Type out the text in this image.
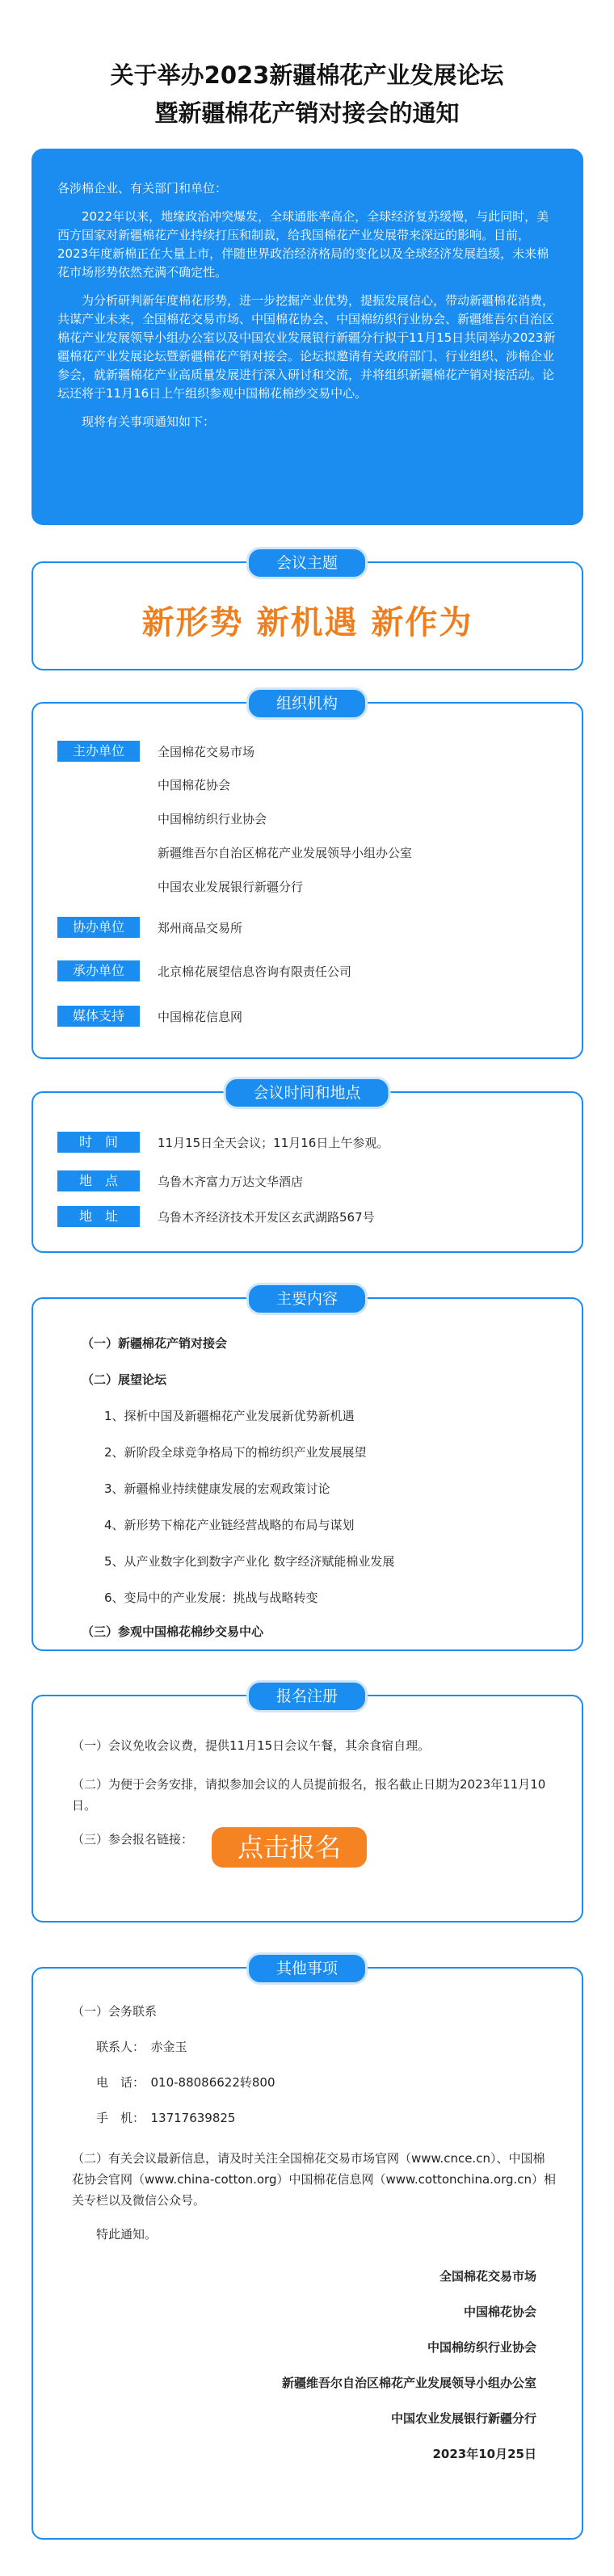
关于举办2023新疆棉花产业发展论坛
暨新疆棉花产销对接会的通知

各涉棉企业、有关部门和单位：

2022年以来，地缘政治冲突爆发，全球通胀率高企，全球经济复苏缓慢，与此同时，美西方国家对新疆棉花产业持续打压和制裁，给我国棉花产业发展带来深远的影响。目前，2023年度新棉正在大量上市，伴随世界政治经济格局的变化以及全球经济发展趋缓，未来棉花市场形势依然充满不确定性。

为分析研判新年度棉花形势，进一步挖掘产业优势，提振发展信心，带动新疆棉花消费，共谋产业未来，全国棉花交易市场、中国棉花协会、中国棉纺织行业协会、新疆维吾尔自治区棉花产业发展领导小组办公室以及中国农业发展银行新疆分行拟于11月15日共同举办2023新疆棉花产业发展论坛暨新疆棉花产销对接会。论坛拟邀请有关政府部门、行业组织、涉棉企业参会，就新疆棉花产业高质量发展进行深入研讨和交流，并将组织新疆棉花产销对接活动。论坛还将于11月16日上午组织参观中国棉花棉纱交易中心。

现将有关事项通知如下：

会议主题
新形势 新机遇 新作为
组织机构
主办单位	全国棉花交易市场
中国棉花协会
中国棉纺织行业协会
新疆维吾尔自治区棉花产业发展领导小组办公室
中国农业发展银行新疆分行
协办单位	郑州商品交易所
承办单位	北京棉花展望信息咨询有限责任公司
媒体支持	中国棉花信息网
会议时间和地点
时　间	11月15日全天会议；11月16日上午参观。
地　点	乌鲁木齐富力万达文华酒店
地　址	乌鲁木齐经济技术开发区玄武湖路567号
主要内容
（一）新疆棉花产销对接会
（二）展望论坛
1、探析中国及新疆棉花产业发展新优势新机遇
2、新阶段全球竞争格局下的棉纺织产业发展展望
3、新疆棉业持续健康发展的宏观政策讨论
4、新形势下棉花产业链经营战略的布局与谋划
5、从产业数字化到数字产业化 数字经济赋能棉业发展
6、变局中的产业发展：挑战与战略转变
（三）参观中国棉花棉纱交易中心
报名注册
（一）会议免收会议费，提供11月15日会议午餐，其余食宿自理。
（二）为便于会务安排，请拟参加会议的人员提前报名，报名截止日期为2023年11月10日。
（三）参会报名链接：	点击报名
其他事项
（一）会务联系
联系人：　赤金玉
电　话：　010-88086622转800
手　机：　13717639825
（二）有关会议最新信息，请及时关注全国棉花交易市场官网（www.cncе.cn）、中国棉花协会官网（www.china-cotton.org）中国棉花信息网（www.cottonchina.org.cn）相关专栏以及微信公众号。
特此通知。
全国棉花交易市场
中国棉花协会
中国棉纺织行业协会
新疆维吾尔自治区棉花产业发展领导小组办公室
中国农业发展银行新疆分行
2023年10月25日
